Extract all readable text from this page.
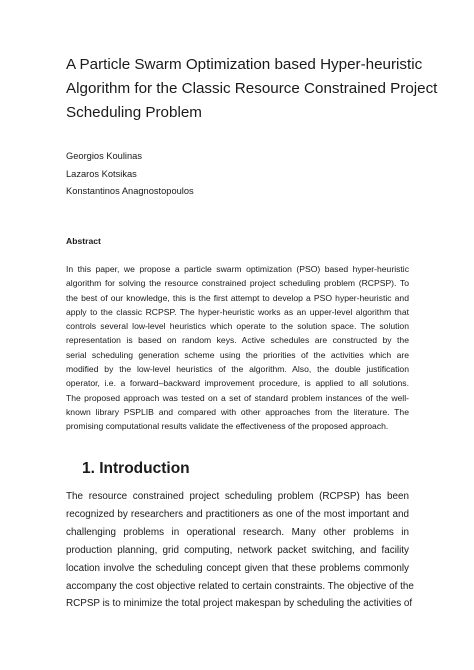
A Particle Swarm Optimization based Hyper-heuristic
Algorithm for the Classic Resource Constrained Project
Scheduling Problem
Georgios Koulinas
Lazaros Kotsikas
Konstantinos Anagnostopoulos
Abstract

In this paper, we propose a particle swarm optimization (PSO) based hyper-heuristic
algorithm for solving the resource constrained project scheduling problem (RCPSP). To
the best of our knowledge, this is the first attempt to develop a PSO hyper-heuristic and
apply to the classic RCPSP. The hyper-heuristic works as an upper-level algorithm that
controls several low-level heuristics which operate to the solution space. The solution
representation is based on random keys. Active schedules are constructed by the
serial scheduling generation scheme using the priorities of the activities which are
modified by the low-level heuristics of the algorithm. Also, the double justification
operator, i.e. a forward–backward improvement procedure, is applied to all solutions.
The proposed approach was tested on a set of standard problem instances of the well-
known library PSPLIB and compared with other approaches from the literature. The
promising computational results validate the effectiveness of the proposed approach.

1. Introduction

The resource constrained project scheduling problem (RCPSP) has been
recognized by researchers and practitioners as one of the most important and
challenging problems in operational research. Many other problems in
production planning, grid computing, network packet switching, and facility
location involve the scheduling concept given that these problems commonly
accompany the cost objective related to certain constraints. The objective of the
RCPSP is to minimize the total project makespan by scheduling the activities of
